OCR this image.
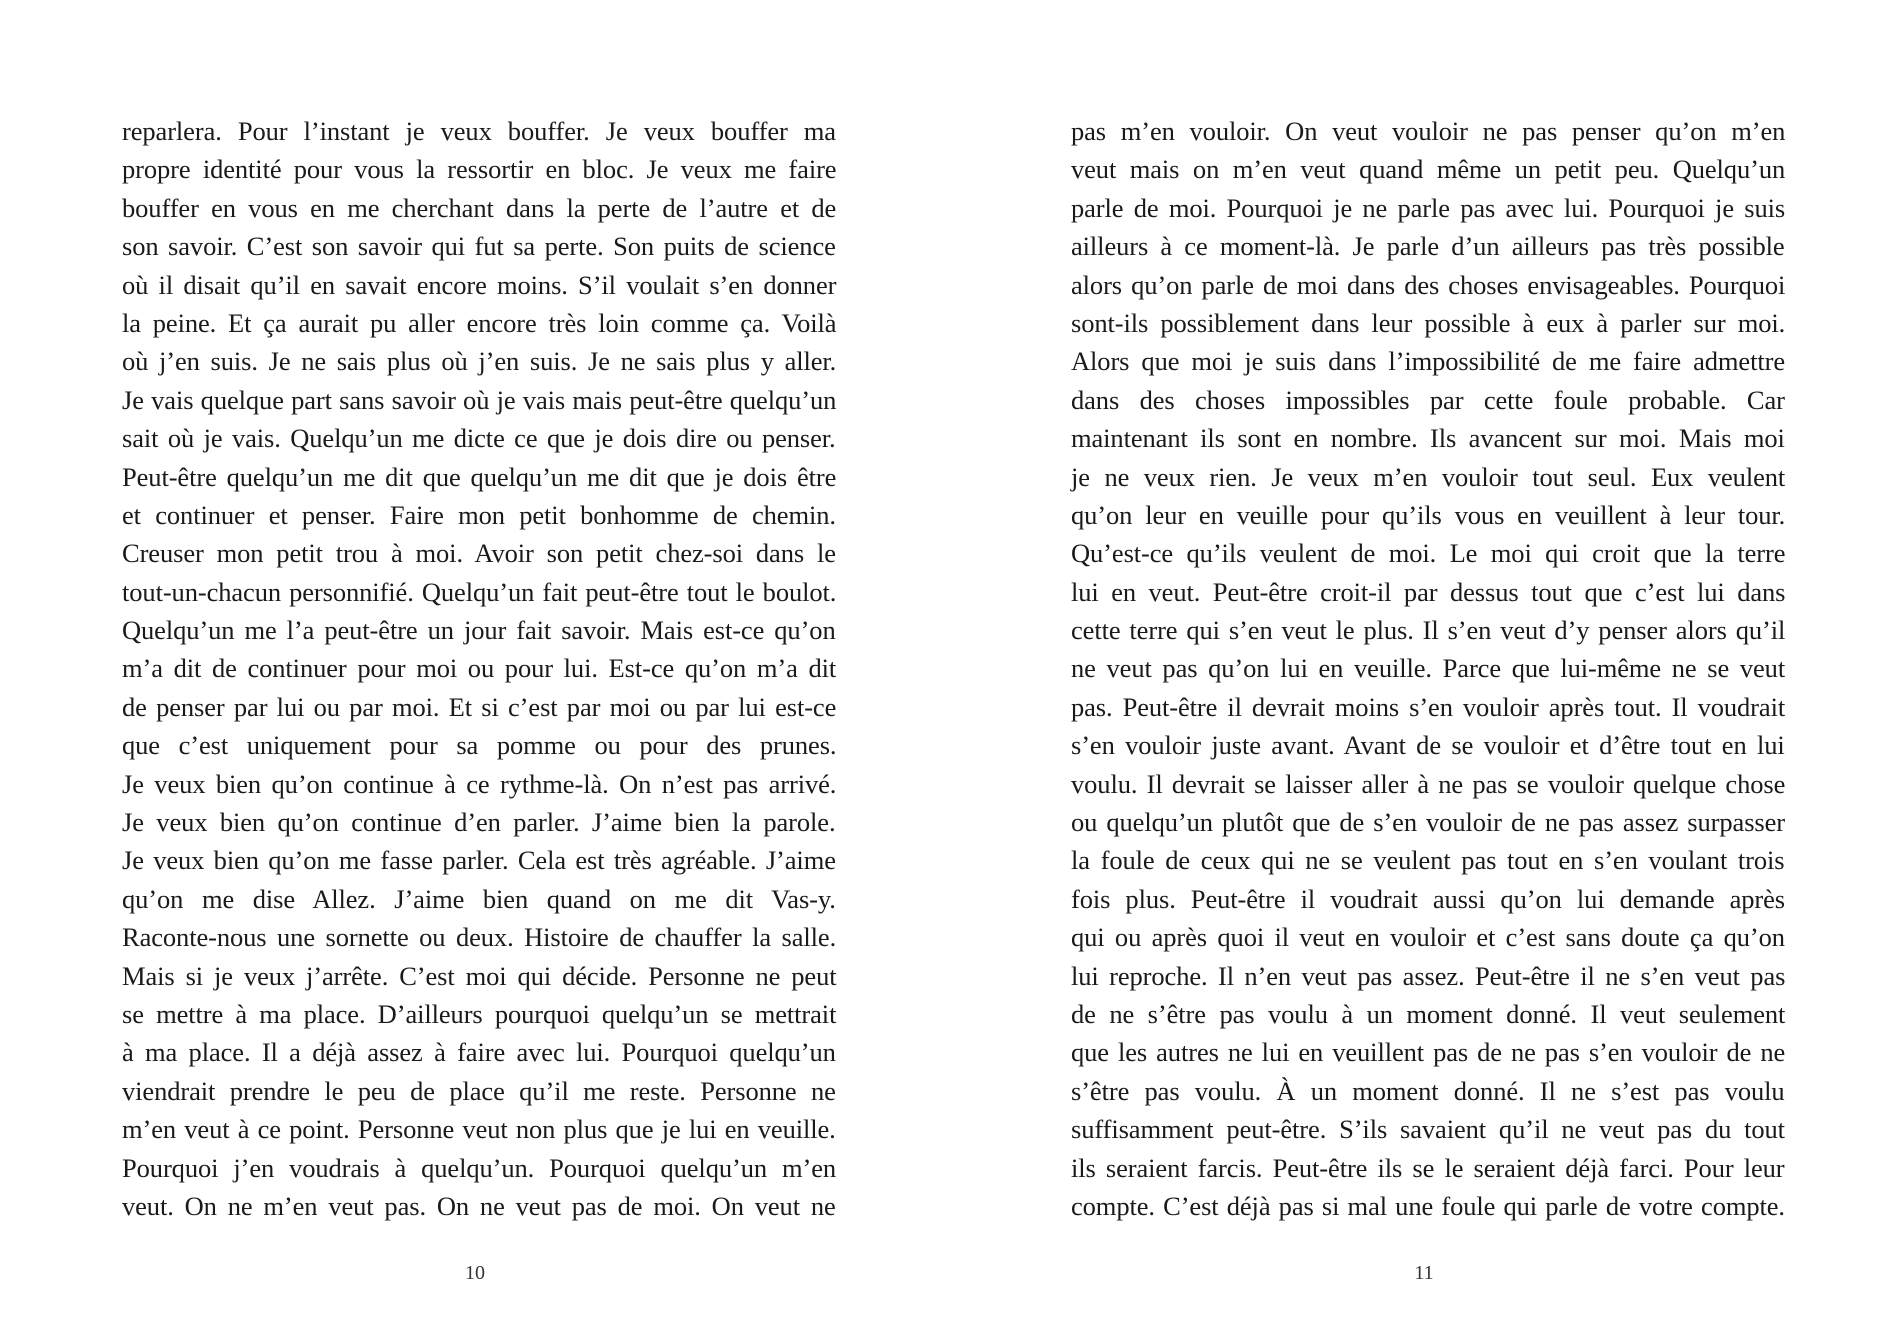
reparlera. Pour l’instant je veux bouffer. Je veux bouffer ma
propre identité pour vous la ressortir en bloc. Je veux me faire
bouffer en vous en me cherchant dans la perte de l’autre et de
son savoir. C’est son savoir qui fut sa perte. Son puits de science
où il disait qu’il en savait encore moins. S’il voulait s’en donner
la peine. Et ça aurait pu aller encore très loin comme ça. Voilà
où j’en suis. Je ne sais plus où j’en suis. Je ne sais plus y aller.
Je vais quelque part sans savoir où je vais mais peut-être quelqu’un
sait où je vais. Quelqu’un me dicte ce que je dois dire ou penser.
Peut-être quelqu’un me dit que quelqu’un me dit que je dois être
et continuer et penser. Faire mon petit bonhomme de chemin.
Creuser mon petit trou à moi. Avoir son petit chez-soi dans le
tout-un-chacun personnifié. Quelqu’un fait peut-être tout le boulot.
Quelqu’un me l’a peut-être un jour fait savoir. Mais est-ce qu’on
m’a dit de continuer pour moi ou pour lui. Est-ce qu’on m’a dit
de penser par lui ou par moi. Et si c’est par moi ou par lui est-ce
que c’est uniquement pour sa pomme ou pour des prunes.
Je veux bien qu’on continue à ce rythme-là. On n’est pas arrivé.
Je veux bien qu’on continue d’en parler. J’aime bien la parole.
Je veux bien qu’on me fasse parler. Cela est très agréable. J’aime
qu’on me dise Allez. J’aime bien quand on me dit Vas-y.
Raconte-nous une sornette ou deux. Histoire de chauffer la salle.
Mais si je veux j’arrête. C’est moi qui décide. Personne ne peut
se mettre à ma place. D’ailleurs pourquoi quelqu’un se mettrait
à ma place. Il a déjà assez à faire avec lui. Pourquoi quelqu’un
viendrait prendre le peu de place qu’il me reste. Personne ne
m’en veut à ce point. Personne veut non plus que je lui en veuille.
Pourquoi j’en voudrais à quelqu’un. Pourquoi quelqu’un m’en
veut. On ne m’en veut pas. On ne veut pas de moi. On veut ne
pas m’en vouloir. On veut vouloir ne pas penser qu’on m’en
veut mais on m’en veut quand même un petit peu. Quelqu’un
parle de moi. Pourquoi je ne parle pas avec lui. Pourquoi je suis
ailleurs à ce moment-là. Je parle d’un ailleurs pas très possible
alors qu’on parle de moi dans des choses envisageables. Pourquoi
sont-ils possiblement dans leur possible à eux à parler sur moi.
Alors que moi je suis dans l’impossibilité de me faire admettre
dans des choses impossibles par cette foule probable. Car
maintenant ils sont en nombre. Ils avancent sur moi. Mais moi
je ne veux rien. Je veux m’en vouloir tout seul. Eux veulent
qu’on leur en veuille pour qu’ils vous en veuillent à leur tour.
Qu’est-ce qu’ils veulent de moi. Le moi qui croit que la terre
lui en veut. Peut-être croit-il par dessus tout que c’est lui dans
cette terre qui s’en veut le plus. Il s’en veut d’y penser alors qu’il
ne veut pas qu’on lui en veuille. Parce que lui-même ne se veut
pas. Peut-être il devrait moins s’en vouloir après tout. Il voudrait
s’en vouloir juste avant. Avant de se vouloir et d’être tout en lui
voulu. Il devrait se laisser aller à ne pas se vouloir quelque chose
ou quelqu’un plutôt que de s’en vouloir de ne pas assez surpasser
la foule de ceux qui ne se veulent pas tout en s’en voulant trois
fois plus. Peut-être il voudrait aussi qu’on lui demande après
qui ou après quoi il veut en vouloir et c’est sans doute ça qu’on
lui reproche. Il n’en veut pas assez. Peut-être il ne s’en veut pas
de ne s’être pas voulu à un moment donné. Il veut seulement
que les autres ne lui en veuillent pas de ne pas s’en vouloir de ne
s’être pas voulu. À un moment donné. Il ne s’est pas voulu
suffisamment peut-être. S’ils savaient qu’il ne veut pas du tout
ils seraient farcis. Peut-être ils se le seraient déjà farci. Pour leur
compte. C’est déjà pas si mal une foule qui parle de votre compte.
10	11
